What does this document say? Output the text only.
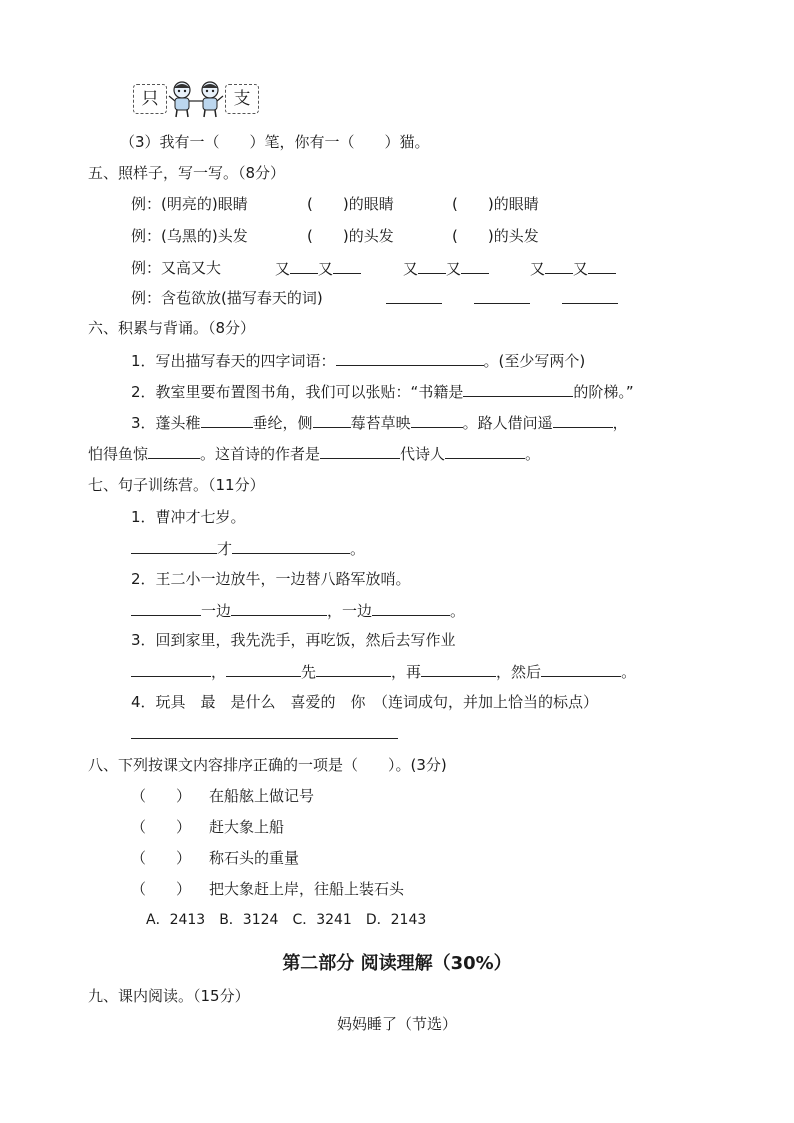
只	支
（3）我有一（　　）笔，你有一（　　）猫。
五、照样子，写一写。（8分）
例：(明亮的)眼睛	(　　)的眼睛	(　　)的眼睛
例：(乌黑的)头发	(　　)的头发	(　　)的头发
例：又高又大	又 又	又 又	又 又
例：含苞欲放(描写春天的词)
六、积累与背诵。（8分）
1．写出描写春天的四字词语：	。(至少写两个)
2．教室里要布置图书角，我们可以张贴：“书籍是	的阶梯。”
3．蓬头稚	垂纶，侧	莓苔草映	。路人借问遥	，
怕得鱼惊	。这首诗的作者是	代诗人	。
七、句子训练营。（11分）
1．曹冲才七岁。
才	。
2．王二小一边放牛，一边替八路军放哨。
一边	，一边	。
3．回到家里，我先洗手，再吃饭，然后去写作业
，	先	，再	，然后	。
4．玩具　最　是什么　喜爱的　你　（连词成句，并加上恰当的标点）
八、下列按课文内容排序正确的一项是（　　）。(3分)
（　　） 在船舷上做记号
（　　） 赶大象上船
（　　） 称石头的重量
（　　） 把大象赶上岸，往船上装石头
A．2413　B．3124　C．3241　D．2143
第二部分 阅读理解（30%）
九、课内阅读。（15分）
妈妈睡了（节选）
